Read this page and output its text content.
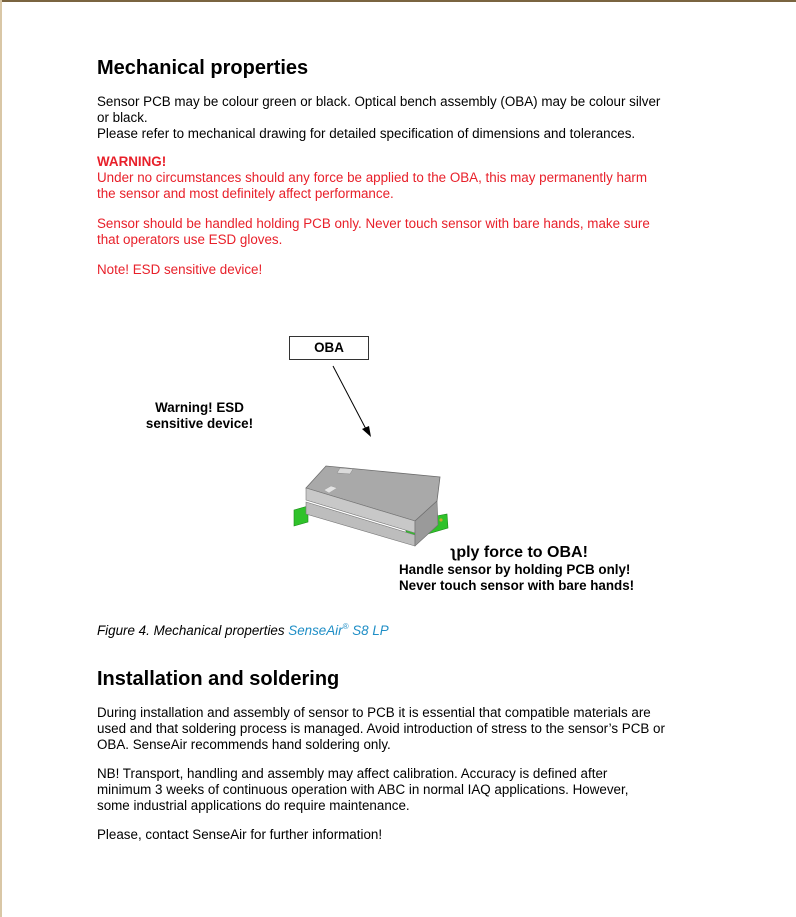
Mechanical properties

Sensor PCB may be colour green or black. Optical bench assembly (OBA) may be colour silver
or black.
Please refer to mechanical drawing for detailed specification of dimensions and tolerances.

WARNING!
Under no circumstances should any force be applied to the OBA, this may permanently harm
the sensor and most definitely affect performance.

Sensor should be handled holding PCB only. Never touch sensor with bare hands, make sure
that operators use ESD gloves.

Note! ESD sensitive device!

OBA
Warning! ESD
sensitive device!
ʅply force to OBA!
Handle sensor by holding PCB only!
Never touch sensor with bare hands!
Figure 4. Mechanical properties SenseAir® S8 LP
Installation and soldering

During installation and assembly of sensor to PCB it is essential that compatible materials are
used and that soldering process is managed. Avoid introduction of stress to the sensor’s PCB or
OBA. SenseAir recommends hand soldering only.

NB! Transport, handling and assembly may affect calibration. Accuracy is defined after
minimum 3 weeks of continuous operation with ABC in normal IAQ applications. However,
some industrial applications do require maintenance.

Please, contact SenseAir for further information!
